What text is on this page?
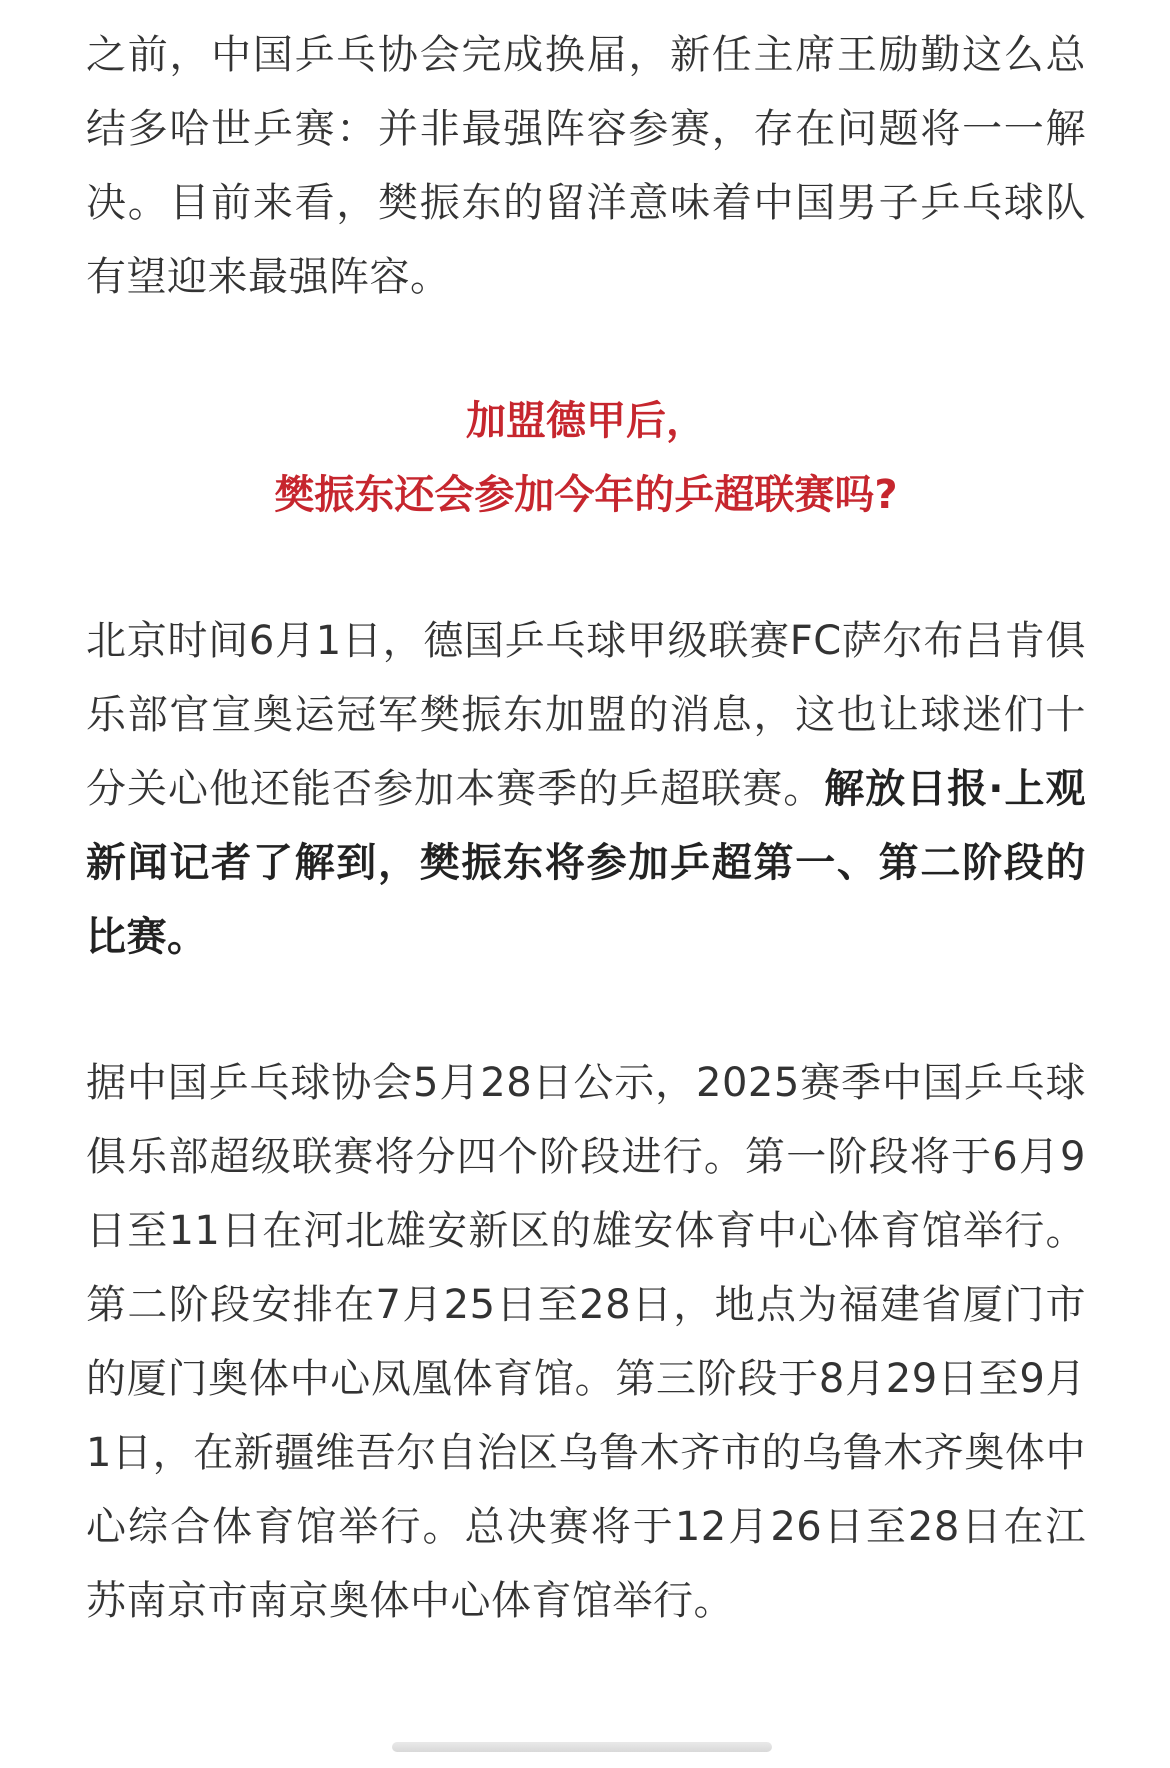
之前，中国乒乓协会完成换届，新任主席王励勤这么总结多哈世乒赛：并非最强阵容参赛，存在问题将一一解决。目前来看，樊振东的留洋意味着中国男子乒乓球队有望迎来最强阵容。

加盟德甲后，
樊振东还会参加今年的乒超联赛吗?

北京时间6月1日，德国乒乓球甲级联赛FC萨尔布吕肯俱乐部官宣奥运冠军樊振东加盟的消息，这也让球迷们十分关心他还能否参加本赛季的乒超联赛。解放日报·上观新闻记者了解到，樊振东将参加乒超第一、第二阶段的比赛。

据中国乒乓球协会5月28日公示，2025赛季中国乒乓球俱乐部超级联赛将分四个阶段进行。第一阶段将于6月9日至11日在河北雄安新区的雄安体育中心体育馆举行。第二阶段安排在7月25日至28日，地点为福建省厦门市的厦门奥体中心凤凰体育馆。第三阶段于8月29日至9月1日，在新疆维吾尔自治区乌鲁木齐市的乌鲁木齐奥体中心综合体育馆举行。总决赛将于12月26日至28日在江苏南京市南京奥体中心体育馆举行。
